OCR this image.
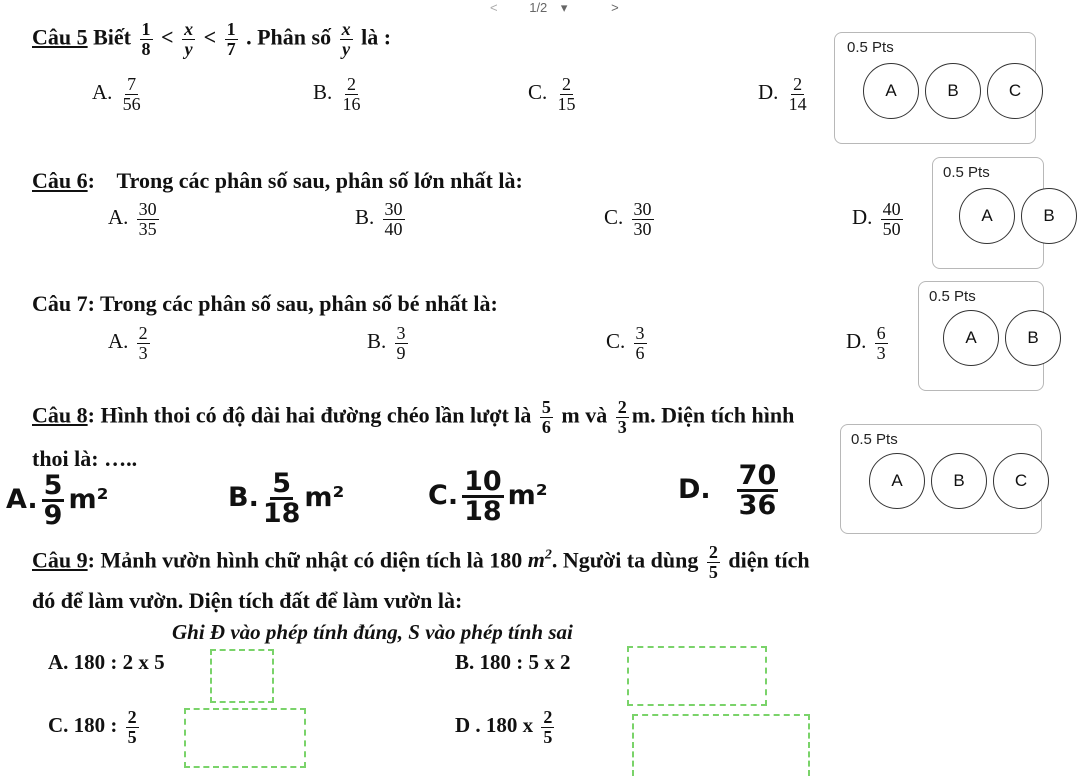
< 1/2 ▾	>
Câu 5 Biết $\frac{1}{8} < \frac{x}{y} < \frac{1}{7}$ . Phân số $\frac{x}{y}$ là :
A. $\frac{7}{56}$	B. $\frac{2}{16}$	C. $\frac{2}{15}$	D. $\frac{2}{14}$
0.5 Pts
A	B	C
Câu 6:    Trong các phân số sau, phân số lớn nhất là:
A. $\frac{30}{35}$	B. $\frac{30}{40}$	C. $\frac{30}{30}$	D. $\frac{40}{50}$
0.5 Pts
A	B
Câu 7: Trong các phân số sau, phân số bé nhất là:
A. $\frac{2}{3}$	B. $\frac{3}{9}$	C. $\frac{3}{6}$	D. $\frac{6}{3}$
0.5 Pts
A	B
Câu 8: Hình thoi có độ dài hai đường chéo lần lượt là $\frac{5}{6}$ m và $\frac{2}{3} m$. Diện tích hình
thoi là: …..
A. $\frac{5}{9} m^2$	B. $\frac{5}{18} m^2$	C. $\frac{10}{18} m^2$	D. $\frac{70}{36}$
0.5 Pts
A	B	C
Câu 9: Mảnh vườn hình chữ nhật có diện tích là 180 $m^2$. Người ta dùng $\frac{2}{5}$ diện tích
đó để làm vườn. Diện tích đất để làm vườn là:
Ghi Đ vào phép tính đúng, S vào phép tính sai
A. 180 : 2 x 5	B. 180 : 5 x 2
C. 180 : $\frac{2}{5}$	D . 180 x $\frac{2}{5}$
